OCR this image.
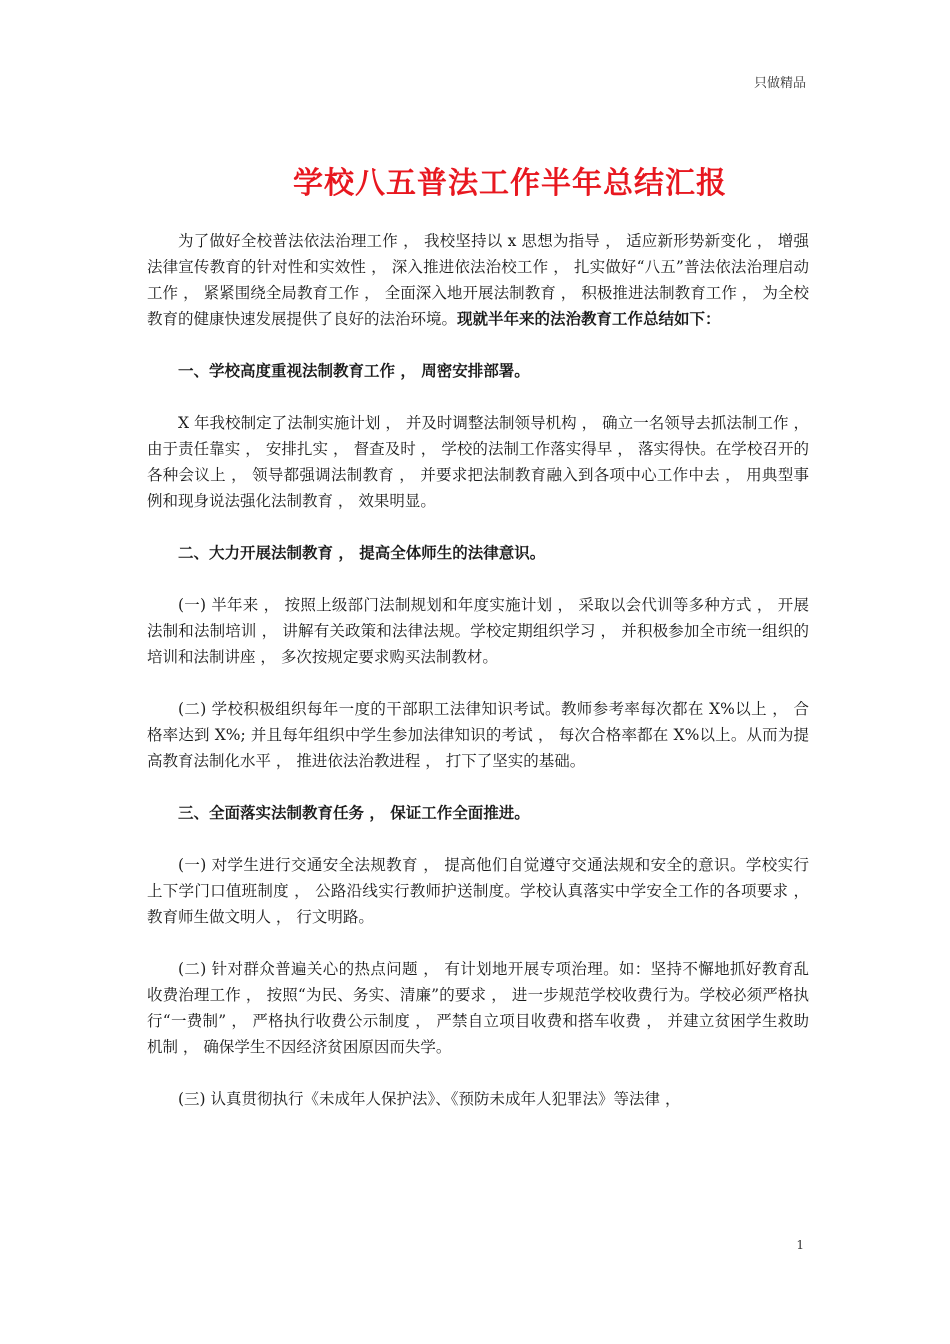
只做精品
学校八五普法工作半年总结汇报

为了做好全校普法依法治理工作 ， 我校坚持以 x 思想为指导 ， 适应新形势新变化 ， 增强法律宣传教育的针对性和实效性 ， 深入推进依法治校工作 ， 扎实做好“八五”普法依法治理启动工作 ， 紧紧围绕全局教育工作 ， 全面深入地开展法制教育 ， 积极推进法制教育工作 ， 为全校教育的健康快速发展提供了良好的法治环境。现就半年来的法治教育工作总结如下：

一、学校高度重视法制教育工作 ， 周密安排部署。

X 年我校制定了法制实施计划 ， 并及时调整法制领导机构 ， 确立一名领导去抓法制工作 ， 由于责任靠实 ， 安排扎实 ， 督查及时 ， 学校的法制工作落实得早 ， 落实得快。在学校召开的各种会议上 ， 领导都强调法制教育 ， 并要求把法制教育融入到各项中心工作中去 ， 用典型事例和现身说法强化法制教育 ， 效果明显。

二、大力开展法制教育 ， 提高全体师生的法律意识。

(一) 半年来 ， 按照上级部门法制规划和年度实施计划 ， 采取以会代训等多种方式 ， 开展法制和法制培训 ， 讲解有关政策和法律法规。学校定期组织学习 ， 并积极参加全市统一组织的培训和法制讲座 ， 多次按规定要求购买法制教材。

(二) 学校积极组织每年一度的干部职工法律知识考试。教师参考率每次都在 X%以上 ， 合格率达到 X%; 并且每年组织中学生参加法律知识的考试 ， 每次合格率都在 X%以上。从而为提高教育法制化水平 ， 推进依法治教进程 ， 打下了坚实的基础。

三、全面落实法制教育任务 ， 保证工作全面推进。

(一) 对学生进行交通安全法规教育 ， 提高他们自觉遵守交通法规和安全的意识。学校实行上下学门口值班制度 ， 公路沿线实行教师护送制度。学校认真落实中学安全工作的各项要求 ， 教育师生做文明人 ， 行文明路。

(二) 针对群众普遍关心的热点问题 ， 有计划地开展专项治理。如：坚持不懈地抓好教育乱收费治理工作 ， 按照“为民、务实、清廉”的要求 ， 进一步规范学校收费行为。学校必须严格执行“一费制” ， 严格执行收费公示制度 ， 严禁自立项目收费和搭车收费 ， 并建立贫困学生救助机制 ， 确保学生不因经济贫困原因而失学。

(三) 认真贯彻执行《未成年人保护法》、《预防未成年人犯罪法》等法律 ，

1
